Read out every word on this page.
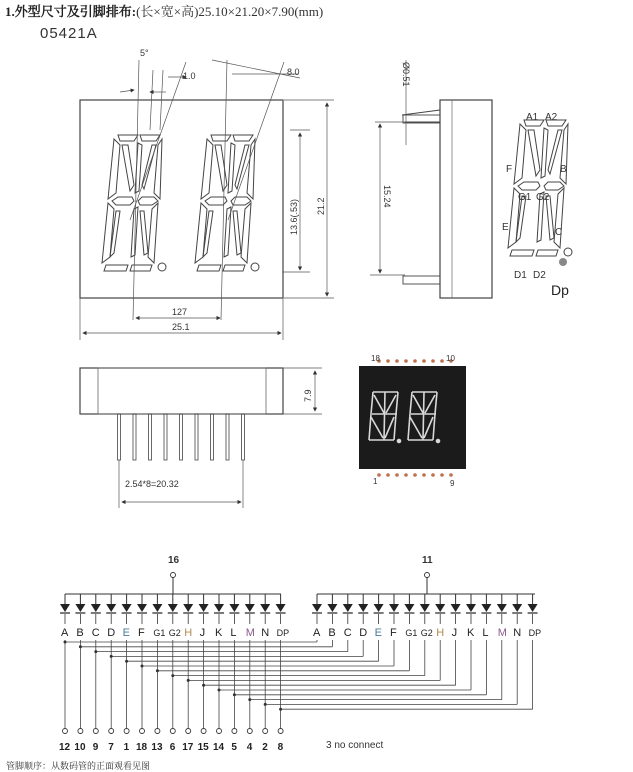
1.外型尺寸及引脚排布:(长×宽×高)25.10×21.20×7.90(mm)
05421A
5°
1.0	8.0
13.6(.53) 21.2
127
25.1
Ø0.51
15.24
A1 A2
F	B
G1 G2
E	C
D1 D2
Dp
7.9
2.54*8=20.32
18	10
1	9
16	11
A B C D E F G1 G2 H J K L M N DP A B C D E F G1 G2 H J K L M N DP
12 10 9 7 1 18 13 6 17 15 14 5 4 2 8	3 no connect
管脚顺序：从数码管的正面观看见图
